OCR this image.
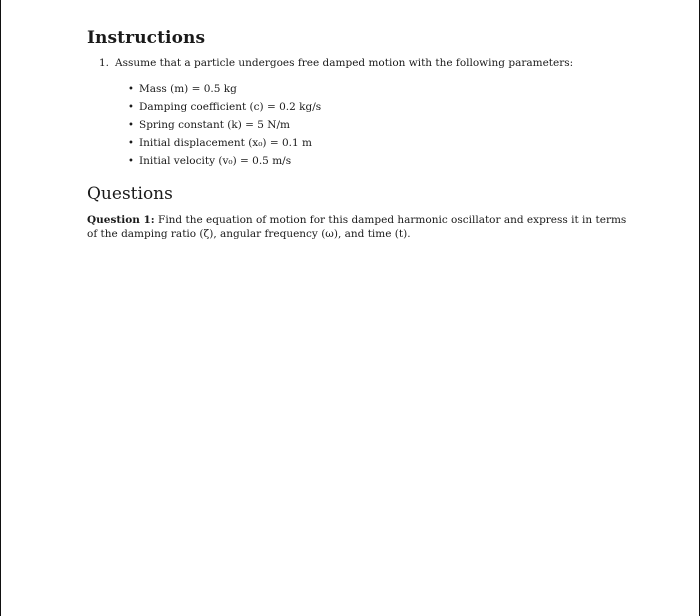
Instructions
1. Assume that a particle undergoes free damped motion with the following parameters:
• Mass (m) = 0.5 kg
• Damping coefficient (c) = 0.2 kg/s
• Spring constant (k) = 5 N/m
• Initial displacement (x₀) = 0.1 m
• Initial velocity (v₀) = 0.5 m/s
Questions
Question 1: Find the equation of motion for this damped harmonic oscillator and express it in terms of the damping ratio (ζ), angular frequency (ω), and time (t).
